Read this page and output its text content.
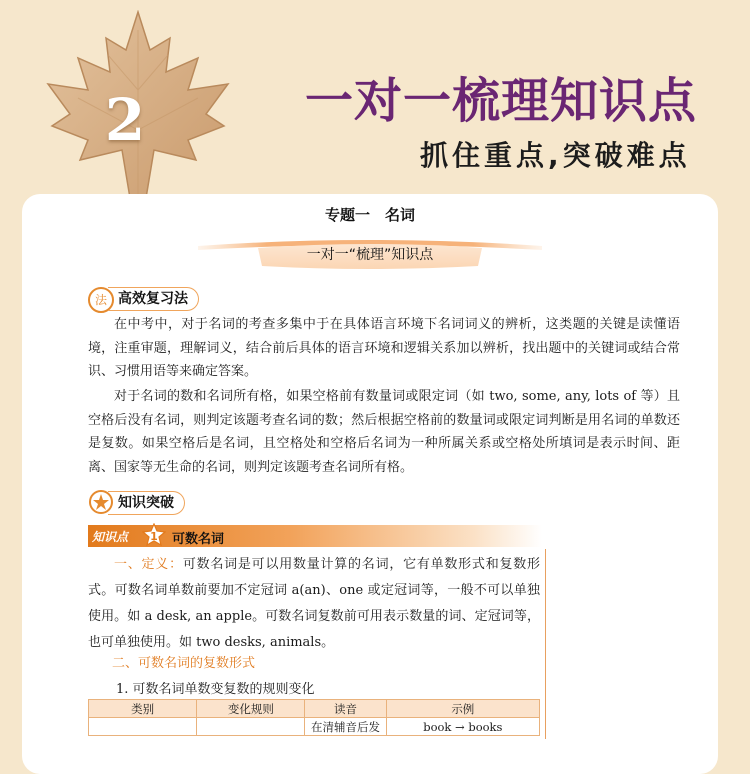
2	一对一梳理知识点
抓住重点,突破难点
专题一　名词
一对一“梳理”知识点
法 高效复习法
在中考中，对于名词的考查多集中于在具体语言环境下名词词义的辨析，这类题的关键是读懂语境，注重审题，理解词义，结合前后具体的语言环境和逻辑关系加以辨析，找出题中的关键词或结合常识、习惯用语等来确定答案。
对于名词的数和名词所有格，如果空格前有数量词或限定词（如 two, some, any, lots of 等）且空格后没有名词，则判定该题考查名词的数；然后根据空格前的数量词或限定词判断是用名词的单数还是复数。如果空格后是名词，且空格处和空格后名词为一种所属关系或空格处所填词是表示时间、距离、国家等无生命的名词，则判定该题考查名词所有格。
知识突破
知识点	1 可数名词
一、定义：可数名词是可以用数量计算的名词，它有单数形式和复数形式。可数名词单数前要加不定冠词 a(an)、one 或定冠词等，一般不可以单独使用。如 a desk, an apple。可数名词复数前可用表示数量的词、定冠词等，也可单独使用。如 two desks, animals。
二、可数名词的复数形式
1. 可数名词单数变复数的规则变化
类别	变化规则	读音	示例
		在清辅音后发	book → books
